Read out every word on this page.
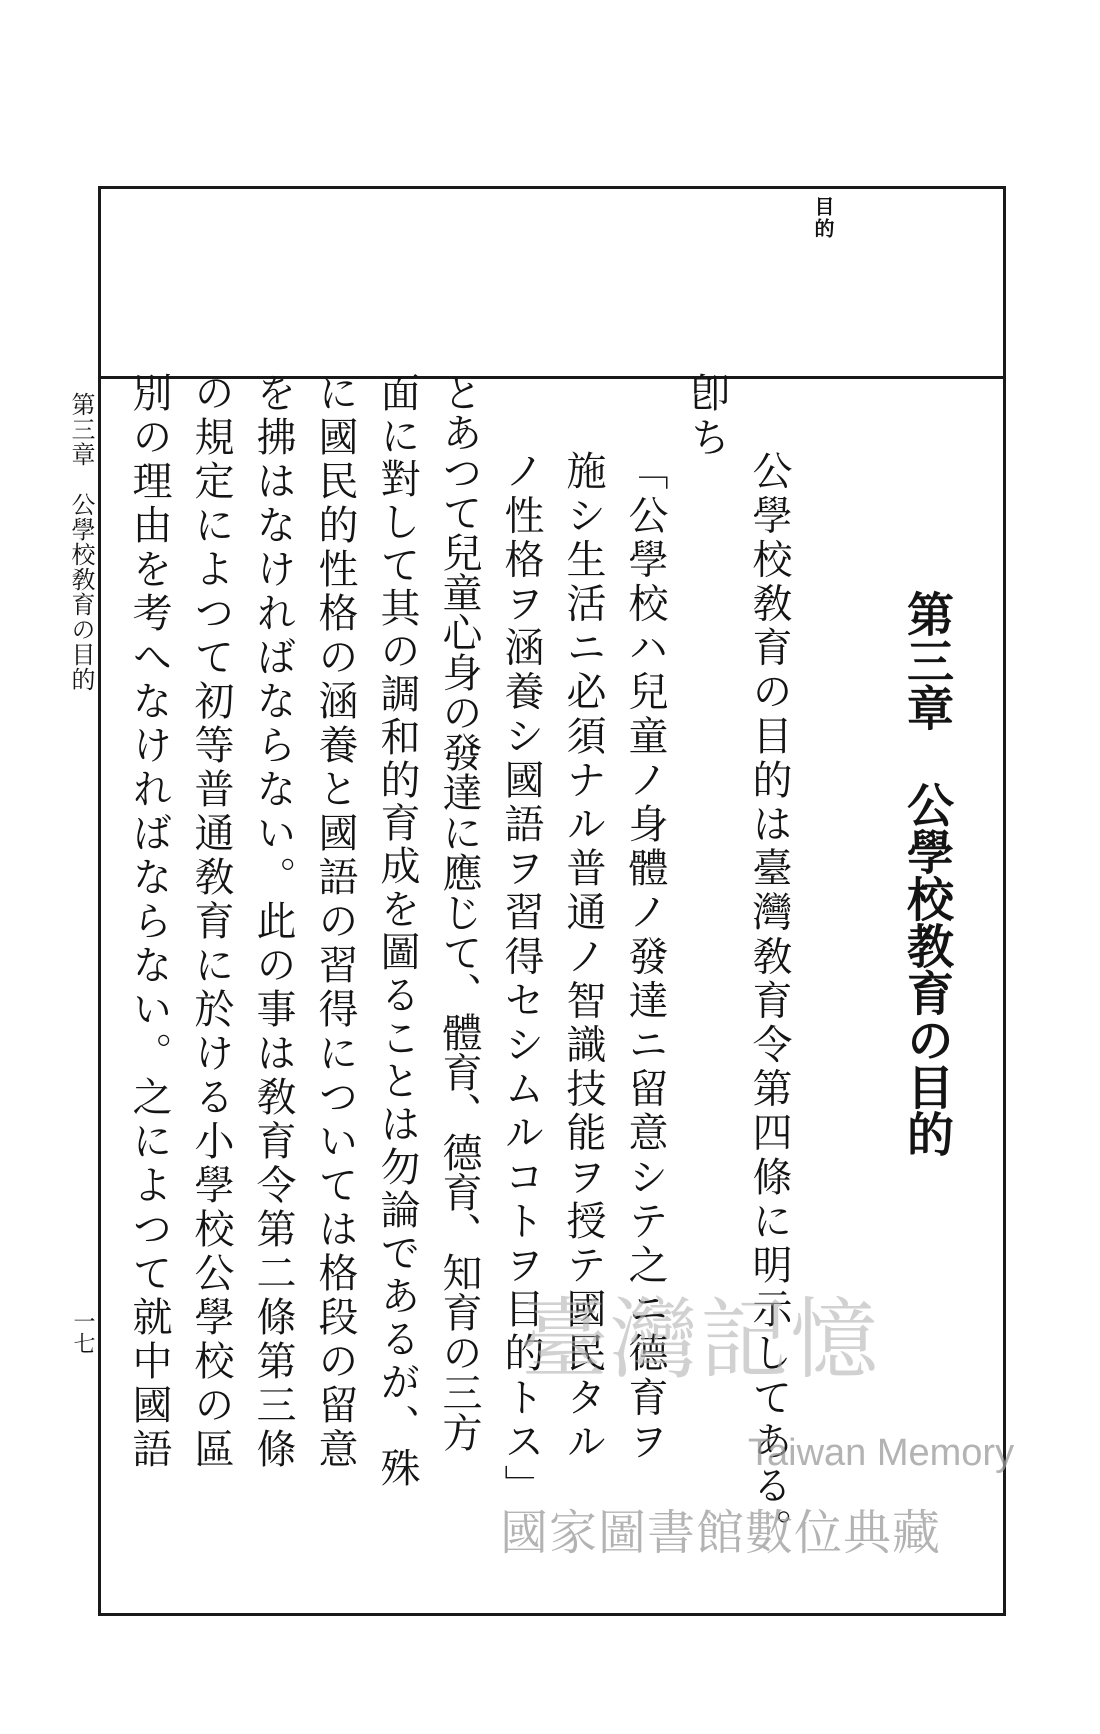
目的
第三章公學校教育の目的
公學校敎育の目的は臺灣敎育令第四條に明示してある。
卽ち
「公學校ハ兒童ノ身體ノ發達ニ留意シテ之ニ德育ヲ
施シ生活ニ必須ナル普通ノ智識技能ヲ授テ國民タル
ノ性格ヲ涵養シ國語ヲ習得セシムルコトヲ目的トス」
とあつて兒童心身の發達に應じて、體育、德育、知育の三方
面に對して其の調和的育成を圖ることは勿論であるが、殊
に國民的性格の涵養と國語の習得については格段の留意
を拂はなければならない。此の事は敎育令第二條第三條
の規定によつて初等普通敎育に於ける小學校公學校の區
別の理由を考へなければならない。之によつて就中國語
第三章　公學校敎育の目的
一七	臺灣記憶
Taiwan Memory
國家圖書館數位典藏
